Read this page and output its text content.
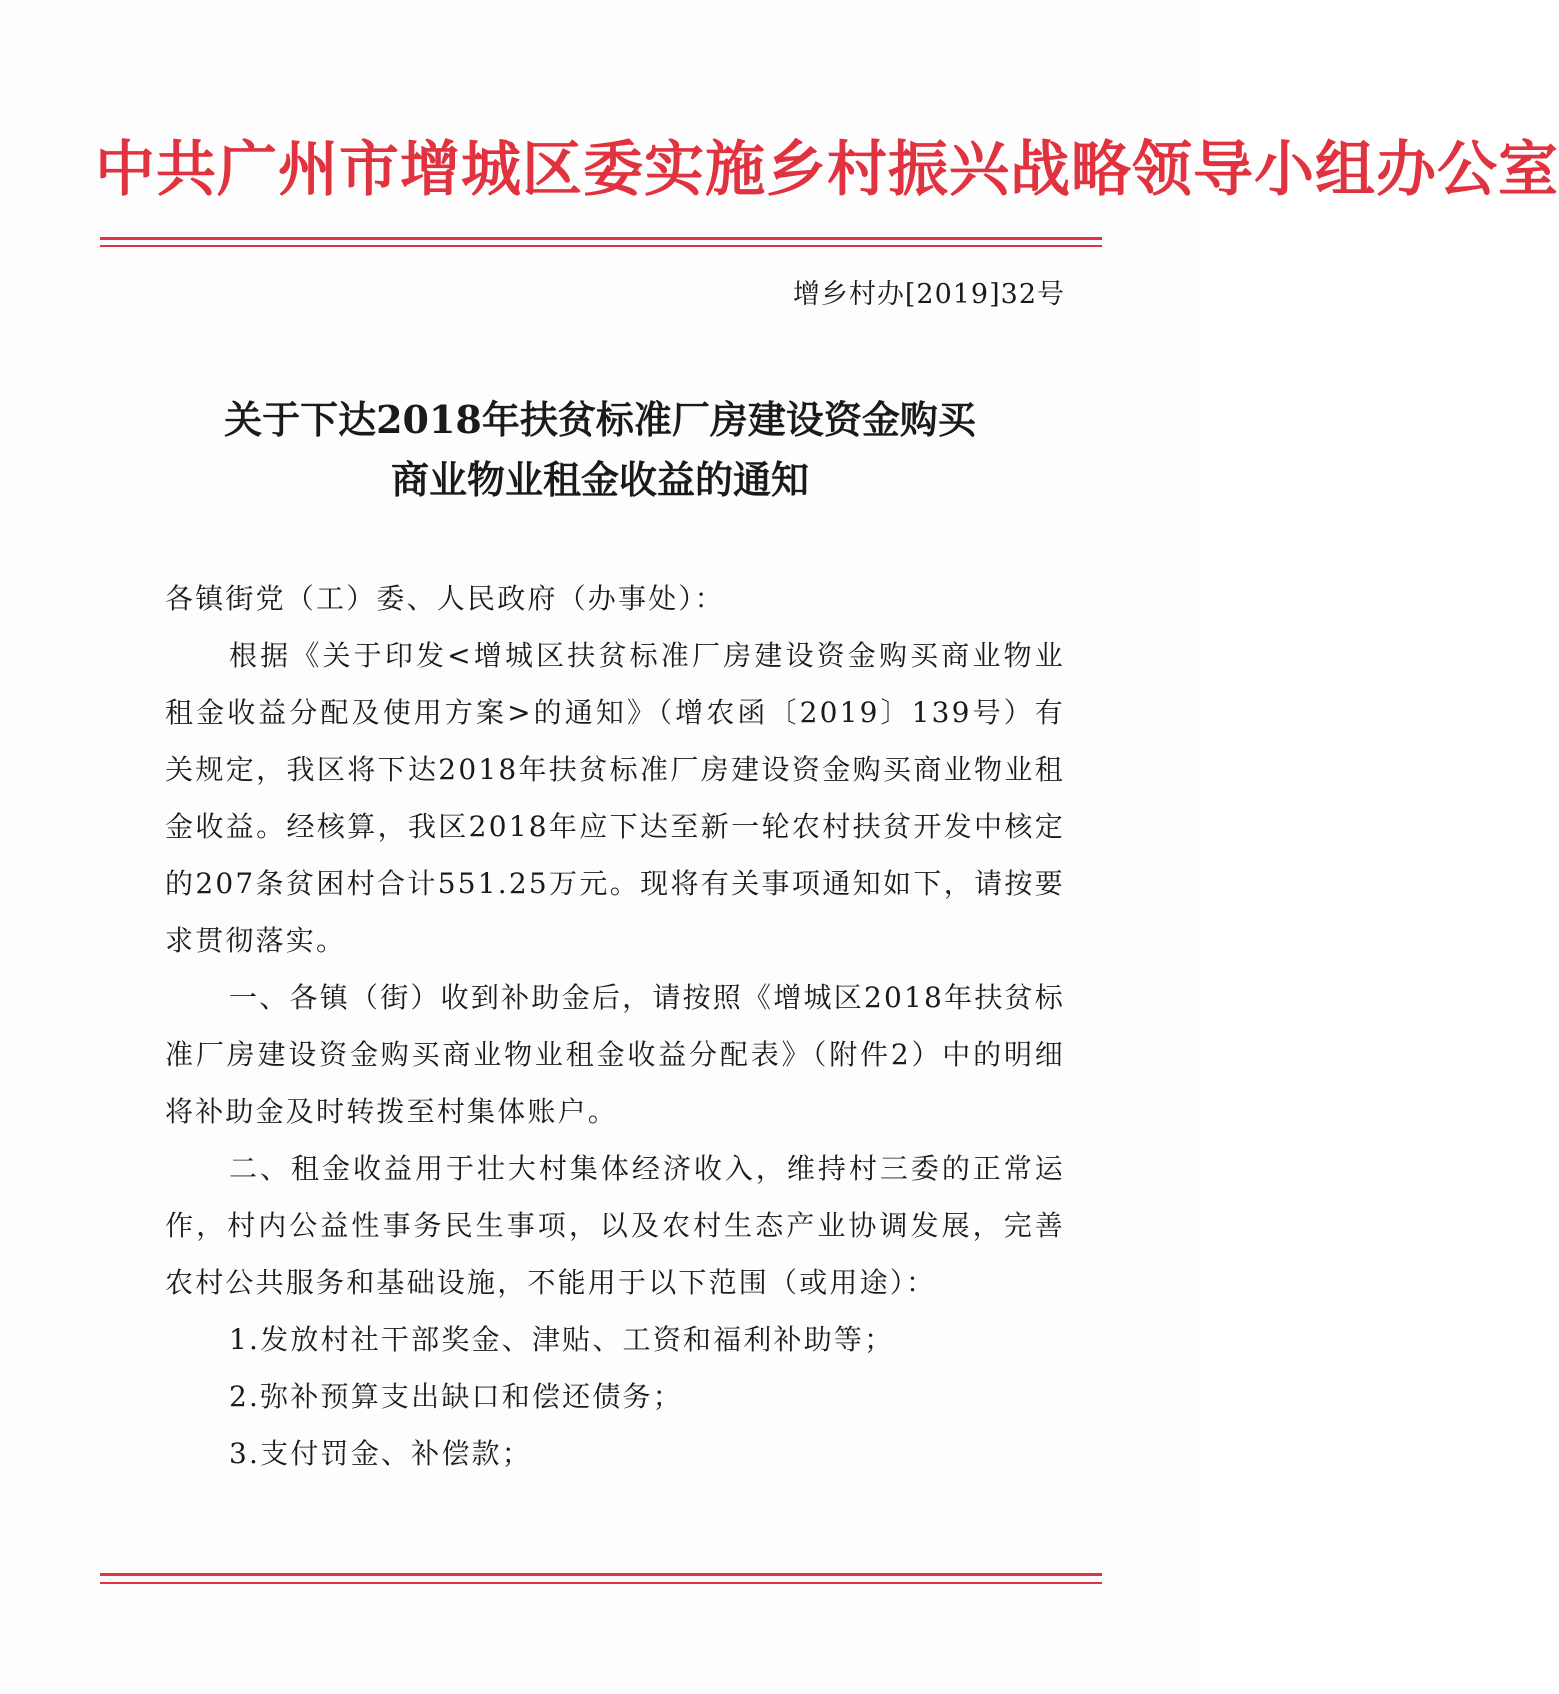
中共广州市增城区委实施乡村振兴战略领导小组办公室
增乡村办[2019]32号
关于下达2018年扶贫标准厂房建设资金购买
商业物业租金收益的通知
各镇街党（工）委、人民政府（办事处）：

根据《关于印发<增城区扶贫标准厂房建设资金购买商业物业租金收益分配及使用方案>的通知》（增农函〔2019〕139号）有关规定，我区将下达2018年扶贫标准厂房建设资金购买商业物业租金收益。经核算，我区2018年应下达至新一轮农村扶贫开发中核定的207条贫困村合计551.25万元。现将有关事项通知如下，请按要求贯彻落实。

一、各镇（街）收到补助金后，请按照《增城区2018年扶贫标准厂房建设资金购买商业物业租金收益分配表》（附件2）中的明细将补助金及时转拨至村集体账户。

二、租金收益用于壮大村集体经济收入，维持村三委的正常运作，村内公益性事务民生事项，以及农村生态产业协调发展，完善农村公共服务和基础设施，不能用于以下范围（或用途）：

1.发放村社干部奖金、津贴、工资和福利补助等；

2.弥补预算支出缺口和偿还债务；

3.支付罚金、补偿款；
